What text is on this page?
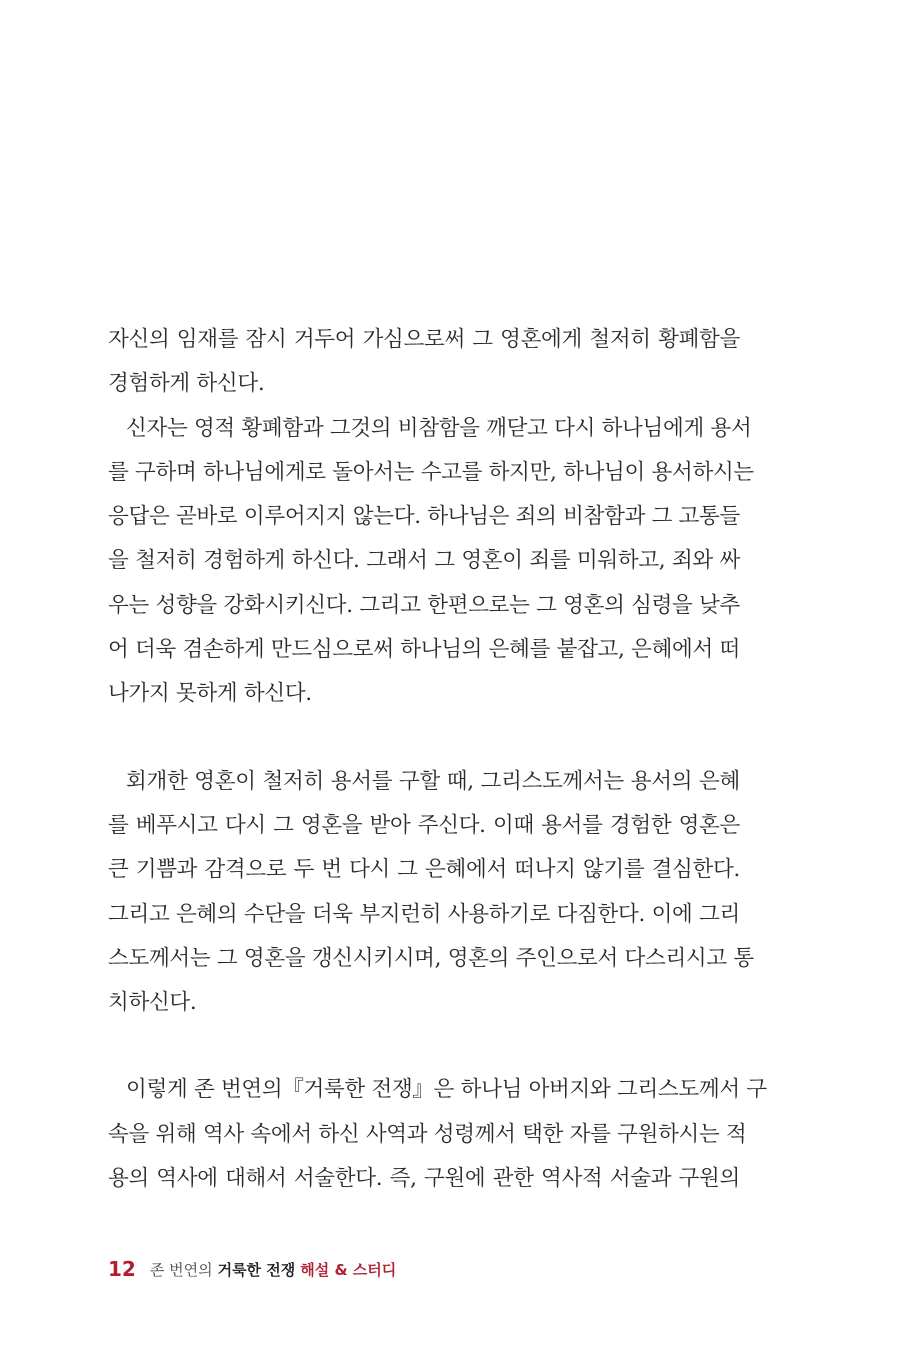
자신의 임재를 잠시 거두어 가심으로써 그 영혼에게 철저히 황폐함을
경험하게 하신다.
신자는 영적 황폐함과 그것의 비참함을 깨닫고 다시 하나님에게 용서
를 구하며 하나님에게로 돌아서는 수고를 하지만, 하나님이 용서하시는
응답은 곧바로 이루어지지 않는다. 하나님은 죄의 비참함과 그 고통들
을 철저히 경험하게 하신다. 그래서 그 영혼이 죄를 미워하고, 죄와 싸
우는 성향을 강화시키신다. 그리고 한편으로는 그 영혼의 심령을 낮추
어 더욱 겸손하게 만드심으로써 하나님의 은혜를 붙잡고, 은혜에서 떠
나가지 못하게 하신다.
회개한 영혼이 철저히 용서를 구할 때, 그리스도께서는 용서의 은혜
를 베푸시고 다시 그 영혼을 받아 주신다. 이때 용서를 경험한 영혼은
큰 기쁨과 감격으로 두 번 다시 그 은혜에서 떠나지 않기를 결심한다.
그리고 은혜의 수단을 더욱 부지런히 사용하기로 다짐한다. 이에 그리
스도께서는 그 영혼을 갱신시키시며, 영혼의 주인으로서 다스리시고 통
치하신다.
이렇게 존 번연의『거룩한 전쟁』은 하나님 아버지와 그리스도께서 구
속을 위해 역사 속에서 하신 사역과 성령께서 택한 자를 구원하시는 적
용의 역사에 대해서 서술한다. 즉, 구원에 관한 역사적 서술과 구원의
12 존 번연의 거룩한 전쟁 해설 & 스터디
